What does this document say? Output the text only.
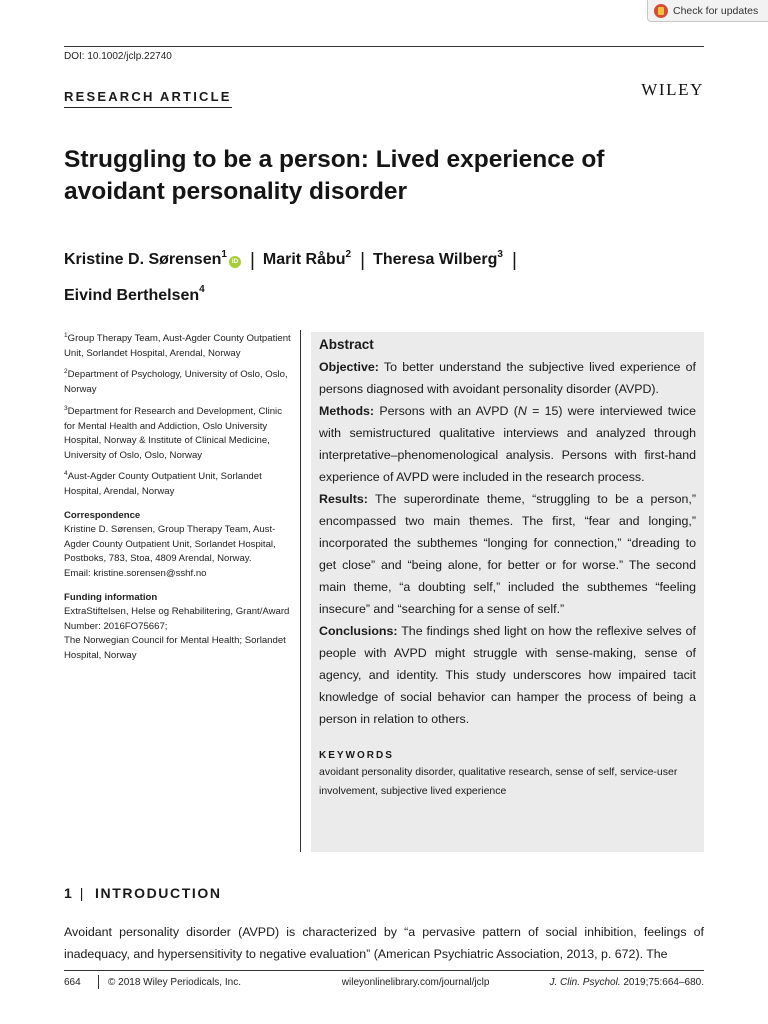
Check for updates
DOI: 10.1002/jclp.22740
RESEARCH ARTICLE	WILEY
Struggling to be a person: Lived experience of avoidant personality disorder
Kristine D. Sørensen$^1$iD | Marit Råbu$^2$ | Theresa Wilberg$^3$ |
Eivind Berthelsen$^4$
$^1$Group Therapy Team, Aust-Agder County Outpatient Unit, Sorlandet Hospital, Arendal, Norway
$^2$Department of Psychology, University of Oslo, Oslo, Norway
$^3$Department for Research and Development, Clinic for Mental Health and Addiction, Oslo University Hospital, Norway & Institute of Clinical Medicine, University of Oslo, Oslo, Norway
$^4$Aust-Agder County Outpatient Unit, Sorlandet Hospital, Arendal, Norway
Correspondence
Kristine D. Sørensen, Group Therapy Team, Aust-Agder County Outpatient Unit, Sorlandet Hospital, Postboks, 783, Stoa, 4809 Arendal, Norway.
Email: kristine.sorensen@sshf.no
Funding information
ExtraStiftelsen, Helse og Rehabilitering, Grant/Award Number: 2016FO75667;
The Norwegian Council for Mental Health; Sorlandet Hospital, Norway
Abstract

Objective: To better understand the subjective lived experience of persons diagnosed with avoidant personality disorder (AVPD).

Methods: Persons with an AVPD (N = 15) were interviewed twice with semistructured qualitative interviews and analyzed through interpretative–phenomenological analysis. Persons with first-hand experience of AVPD were included in the research process.

Results: The superordinate theme, “struggling to be a person,” encompassed two main themes. The first, “fear and longing,” incorporated the subthemes “longing for connection,” “dreading to get close” and “being alone, for better or for worse.” The second main theme, “a doubting self,” included the subthemes “feeling insecure” and “searching for a sense of self.”

Conclusions: The findings shed light on how the reflexive selves of people with AVPD might struggle with sense-making, sense of agency, and identity. This study underscores how impaired tacit knowledge of social behavior can hamper the process of being a person in relation to others.

KEYWORDS
avoidant personality disorder, qualitative research, sense of self, service-user involvement, subjective lived experience
1 | INTRODUCTION

Avoidant personality disorder (AVPD) is characterized by “a pervasive pattern of social inhibition, feelings of inadequacy, and hypersensitivity to negative evaluation” (American Psychiatric Association, 2013, p. 672). The

664	© 2018 Wiley Periodicals, Inc.	wileyonlinelibrary.com/journal/jclp	J. Clin. Psychol. 2019;75:664–680.
